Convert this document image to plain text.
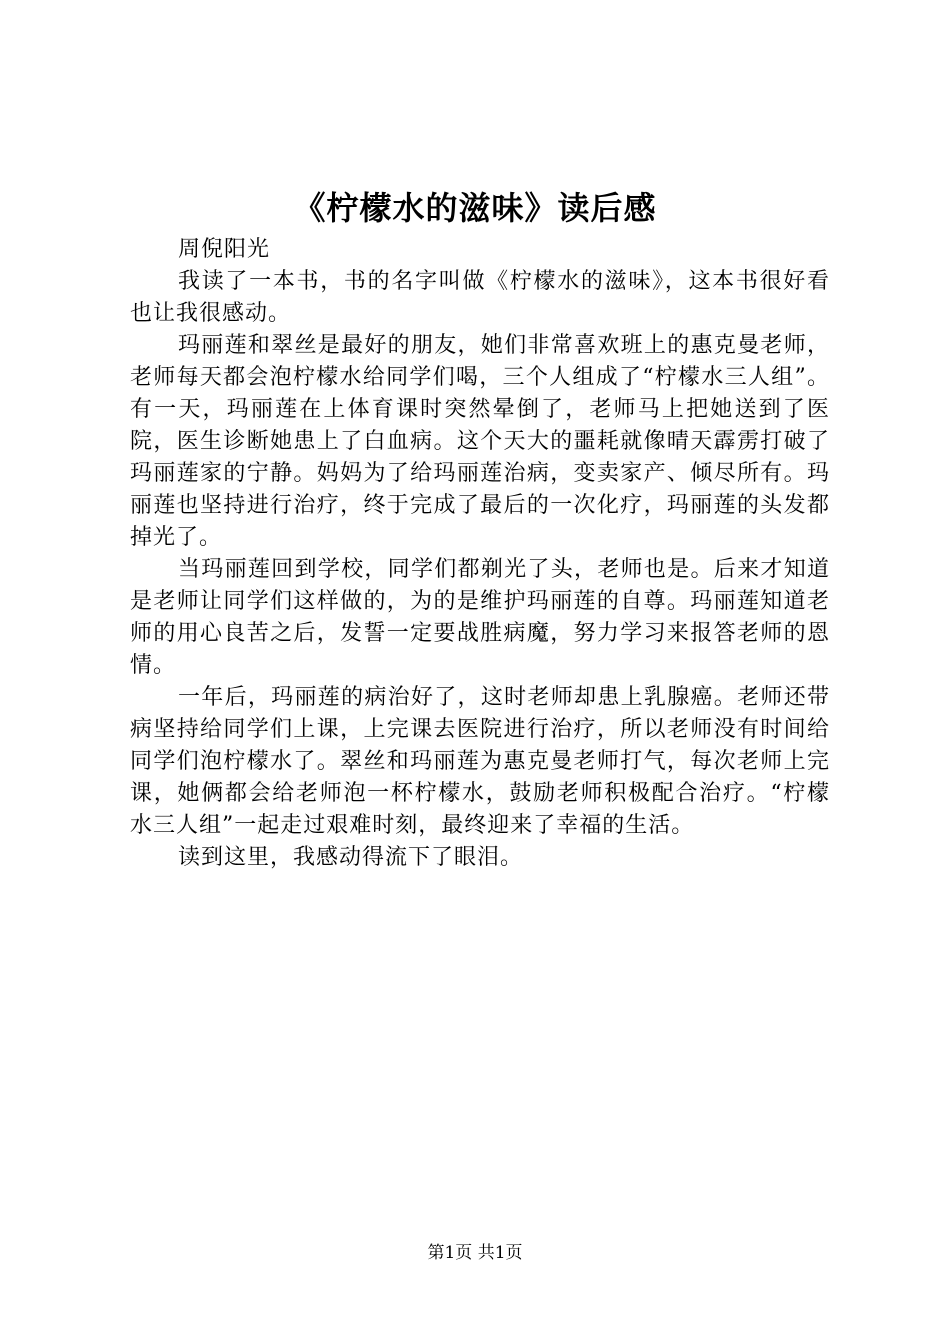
《柠檬水的滋味》读后感

周倪阳光

我读了一本书，书的名字叫做《柠檬水的滋味》，这本书很好看也让我很感动。

玛丽莲和翠丝是最好的朋友，她们非常喜欢班上的惠克曼老师，老师每天都会泡柠檬水给同学们喝，三个人组成了“柠檬水三人组”。有一天，玛丽莲在上体育课时突然晕倒了，老师马上把她送到了医院，医生诊断她患上了白血病。这个天大的噩耗就像晴天霹雳打破了玛丽莲家的宁静。妈妈为了给玛丽莲治病，变卖家产、倾尽所有。玛丽莲也坚持进行治疗，终于完成了最后的一次化疗，玛丽莲的头发都掉光了。

当玛丽莲回到学校，同学们都剃光了头，老师也是。后来才知道是老师让同学们这样做的，为的是维护玛丽莲的自尊。玛丽莲知道老师的用心良苦之后，发誓一定要战胜病魔，努力学习来报答老师的恩情。

一年后，玛丽莲的病治好了，这时老师却患上乳腺癌。老师还带病坚持给同学们上课，上完课去医院进行治疗，所以老师没有时间给同学们泡柠檬水了。翠丝和玛丽莲为惠克曼老师打气，每次老师上完课，她俩都会给老师泡一杯柠檬水，鼓励老师积极配合治疗。“柠檬水三人组”一起走过艰难时刻，最终迎来了幸福的生活。

读到这里，我感动得流下了眼泪。

第1页 共1页
